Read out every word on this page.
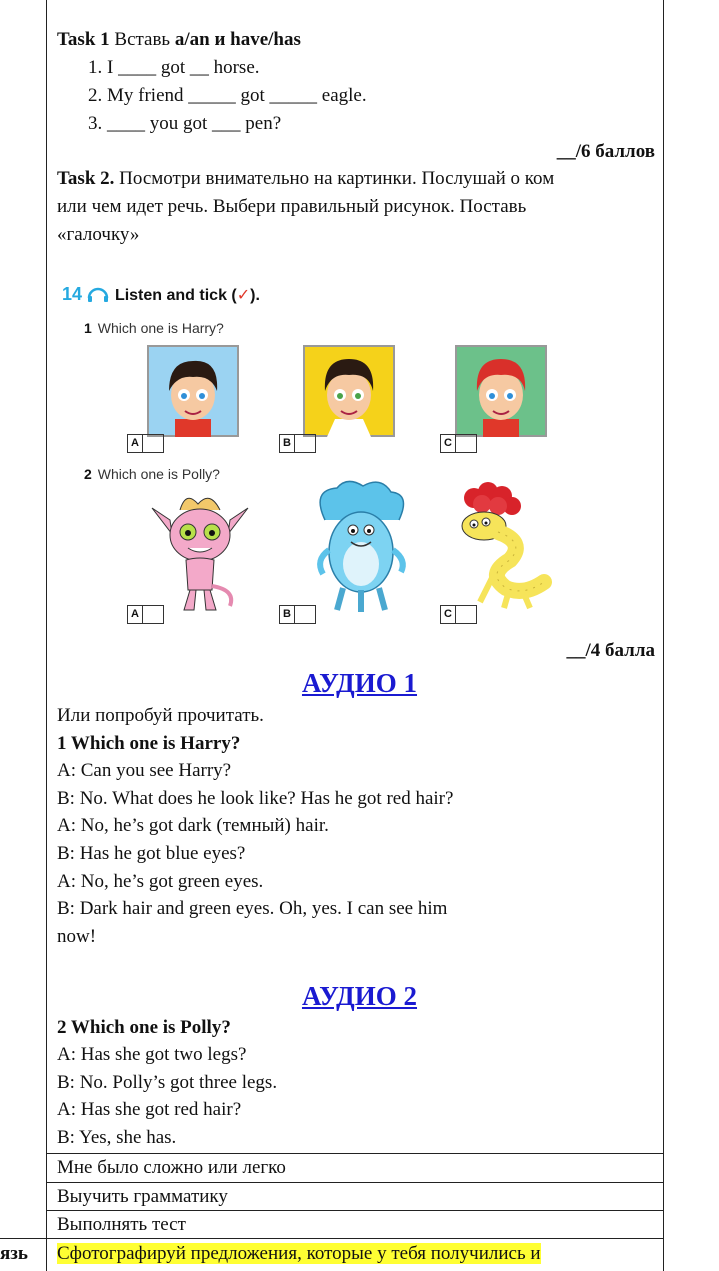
Task 1 Вставь a/an и have/has
1. I ____ got __ horse.
2. My friend _____ got _____ eagle.
3. ____ you got ___ pen?
__/6 баллов
Task 2. Посмотри внимательно на картинки. Послушай о ком
или чем идет речь. Выбери правильный рисунок. Поставь
«галочку»
14 Listen and tick (✓).
1 Which one is Harry?
A	B	C
2 Which one is Polly?
A	B	C
__/4 балла
АУДИО 1
Или попробуй прочитать.
1 Which one is Harry?
A: Can you see Harry?
B: No. What does he look like? Has he got red hair?
A: No, he’s got dark (темный) hair.
B: Has he got blue eyes?
A: No, he’s got green eyes.
B: Dark hair and green eyes. Oh, yes. I can see him
now!
АУДИО 2
2 Which one is Polly?
A: Has she got two legs?
B: No. Polly’s got three legs.
A: Has she got red hair?
B: Yes, she has.
Мне было сложно или легко
Выучить грамматику
Выполнять тест
язь Сфотографируй предложения, которые у тебя получились и
